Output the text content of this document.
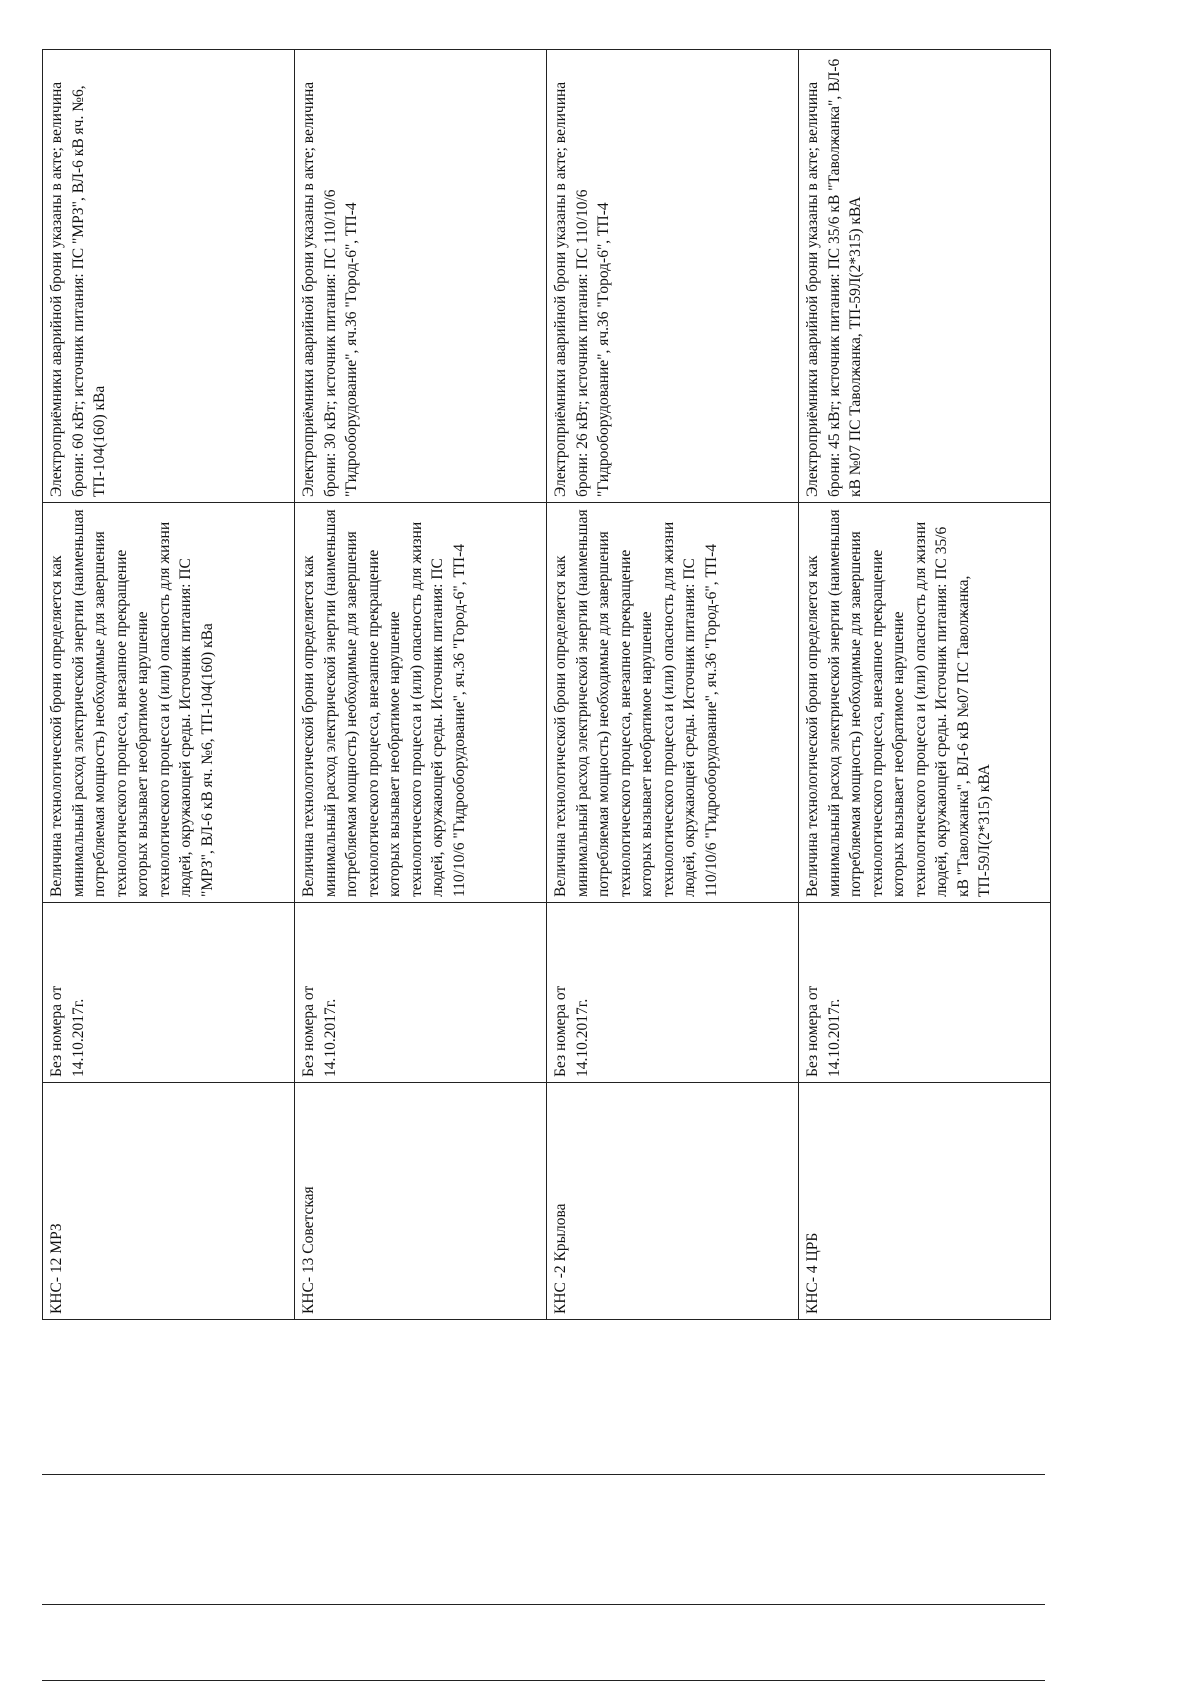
КНС- 12 МРЗ	Без номера от 14.10.2017г.	Величина технологической брони определяется как минимальный расход электрической энергии (наименьшая потребляемая мощность) необходимые для завершения технологического процесса, внезапное прекращение которых вызывает необратимое нарушение технологического процесса и (или) опасность для жизни людей, окружающей среды. Источник питания: ПС "МРЗ", ВЛ-6 кВ яч. №6, ТП-104(160) кВа	Электроприёмники аварийной брони указаны в акте; величина брони: 60 кВт; источник питания: ПС "МРЗ", ВЛ-6 кВ яч. №6, ТП-104(160) кВа
КНС- 13 Советская	Без номера от 14.10.2017г.	Величина технологической брони определяется как минимальный расход электрической энергии (наименьшая потребляемая мощность) необходимые для завершения технологического процесса, внезапное прекращение которых вызывает необратимое нарушение технологического процесса и (или) опасность для жизни людей, окружающей среды. Источник питания: ПС 110/10/6 "Гидрооборудование", яч.36 "Город-6", ТП-4	Электроприёмники аварийной брони указаны в акте; величина брони: 30 кВт; источник питания: ПС 110/10/6 "Гидрооборудование", яч.36 "Город-6", ТП-4
КНС -2 Крылова	Без номера от 14.10.2017г.	Величина технологической брони определяется как минимальный расход электрической энергии (наименьшая потребляемая мощность) необходимые для завершения технологического процесса, внезапное прекращение которых вызывает необратимое нарушение технологического процесса и (или) опасность для жизни людей, окружающей среды. Источник питания: ПС 110/10/6 "Гидрооборудование", яч.36 "Город-6", ТП-4	Электроприёмники аварийной брони указаны в акте; величина брони: 26 кВт; источник питания: ПС 110/10/6 "Гидрооборудование", яч.36 "Город-6", ТП-4
КНС- 4 ЦРБ	Без номера от 14.10.2017г.	Величина технологической брони определяется как минимальный расход электрической энергии (наименьшая потребляемая мощность) необходимые для завершения технологического процесса, внезапное прекращение которых вызывает необратимое нарушение технологического процесса и (или) опасность для жизни людей, окружающей среды. Источник питания: ПС 35/6 кВ "Таволжанка", ВЛ-6 кВ №07 ПС Таволжанка, ТП-59Л(2*315) кВА	Электроприёмники аварийной брони указаны в акте; величина брони: 45 кВт; источник питания: ПС 35/6 кВ "Таволжанка", ВЛ-6 кВ №07 ПС Таволжанка, ТП-59Л(2*315) кВА
